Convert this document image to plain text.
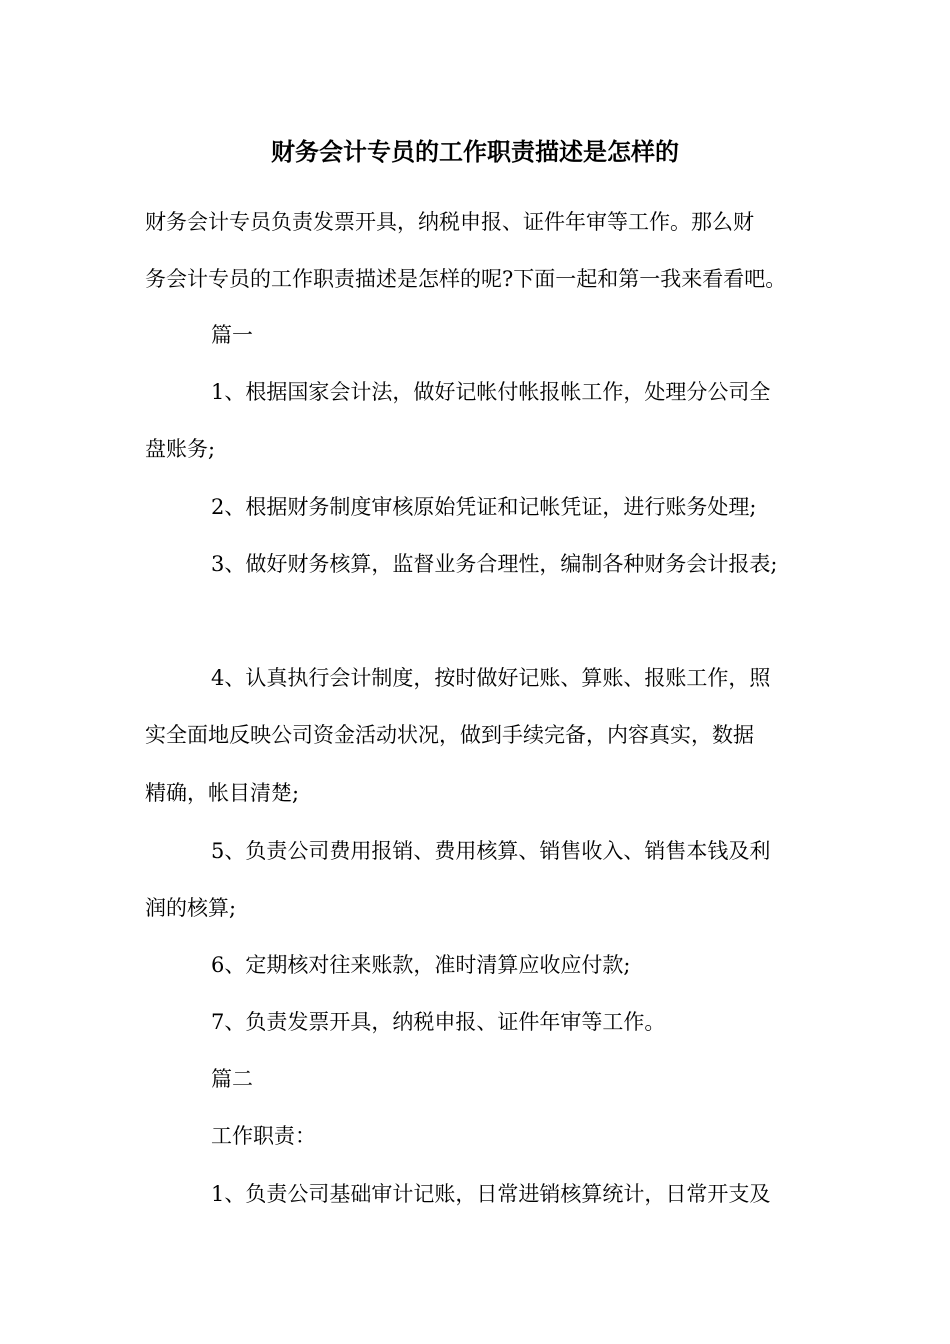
财务会计专员的工作职责描述是怎样的
财务会计专员负责发票开具，纳税申报、证件年审等工作。那么财
务会计专员的工作职责描述是怎样的呢?下面一起和第一我来看看吧。
篇一
1、根据国家会计法，做好记帐付帐报帐工作，处理分公司全
盘账务;
2、根据财务制度审核原始凭证和记帐凭证，进行账务处理;
3、做好财务核算，监督业务合理性，编制各种财务会计报表;
4、认真执行会计制度，按时做好记账、算账、报账工作，照
实全面地反映公司资金活动状况，做到手续完备，内容真实，数据
精确，帐目清楚;
5、负责公司费用报销、费用核算、销售收入、销售本钱及利
润的核算;
6、定期核对往来账款，准时清算应收应付款;
7、负责发票开具，纳税申报、证件年审等工作。
篇二
工作职责：
1、负责公司基础审计记账，日常进销核算统计，日常开支及
